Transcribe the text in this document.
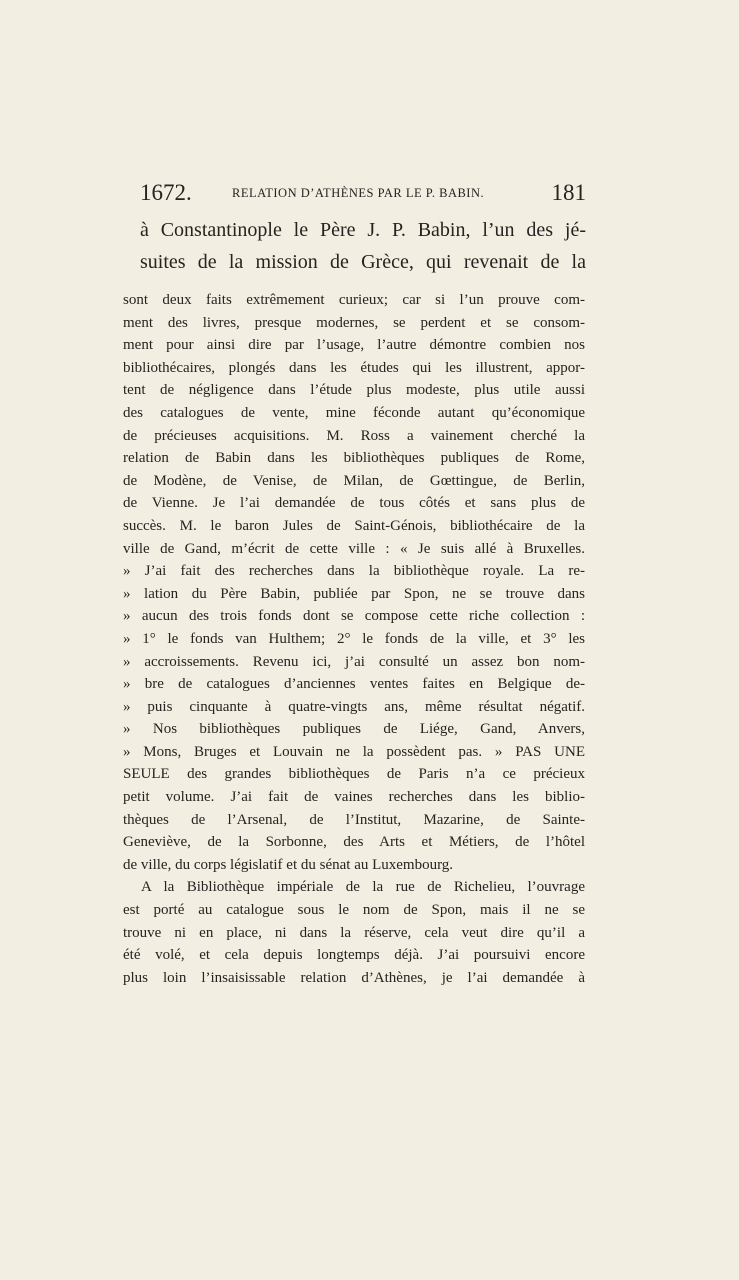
1672.	RELATION D’ATHÈNES PAR LE P. BABIN.	181

à Constantinople le Père J. P. Babin, l’un des jé-

suites de la mission de Grèce, qui revenait de la

sont deux faits extrêmement curieux; car si l’un prouve com-

ment des livres, presque modernes, se perdent et se consom-

ment pour ainsi dire par l’usage, l’autre démontre combien nos

bibliothécaires, plongés dans les études qui les illustrent, appor-

tent de négligence dans l’étude plus modeste, plus utile aussi

des catalogues de vente, mine féconde autant qu’économique

de précieuses acquisitions. M. Ross a vainement cherché la

relation de Babin dans les bibliothèques publiques de Rome,

de Modène, de Venise, de Milan, de Gœttingue, de Berlin,

de Vienne. Je l’ai demandée de tous côtés et sans plus de

succès. M. le baron Jules de Saint-Génois, bibliothécaire de la

ville de Gand, m’écrit de cette ville : « Je suis allé à Bruxelles.

» J’ai fait des recherches dans la bibliothèque royale. La re-

» lation du Père Babin, publiée par Spon, ne se trouve dans

» aucun des trois fonds dont se compose cette riche collection :

» 1° le fonds van Hulthem; 2° le fonds de la ville, et 3° les

» accroissements. Revenu ici, j’ai consulté un assez bon nom-

» bre de catalogues d’anciennes ventes faites en Belgique de-

» puis cinquante à quatre-vingts ans, même résultat négatif.

» Nos bibliothèques publiques de Liége, Gand, Anvers,

» Mons, Bruges et Louvain ne la possèdent pas. » PAS UNE

SEULE des grandes bibliothèques de Paris n’a ce précieux

petit volume. J’ai fait de vaines recherches dans les biblio-

thèques de l’Arsenal, de l’Institut, Mazarine, de Sainte-

Geneviève, de la Sorbonne, des Arts et Métiers, de l’hôtel

de ville, du corps législatif et du sénat au Luxembourg.

A la Bibliothèque impériale de la rue de Richelieu, l’ouvrage

est porté au catalogue sous le nom de Spon, mais il ne se

trouve ni en place, ni dans la réserve, cela veut dire qu’il a

été volé, et cela depuis longtemps déjà. J’ai poursuivi encore

plus loin l’insaisissable relation d’Athènes, je l’ai demandée à
